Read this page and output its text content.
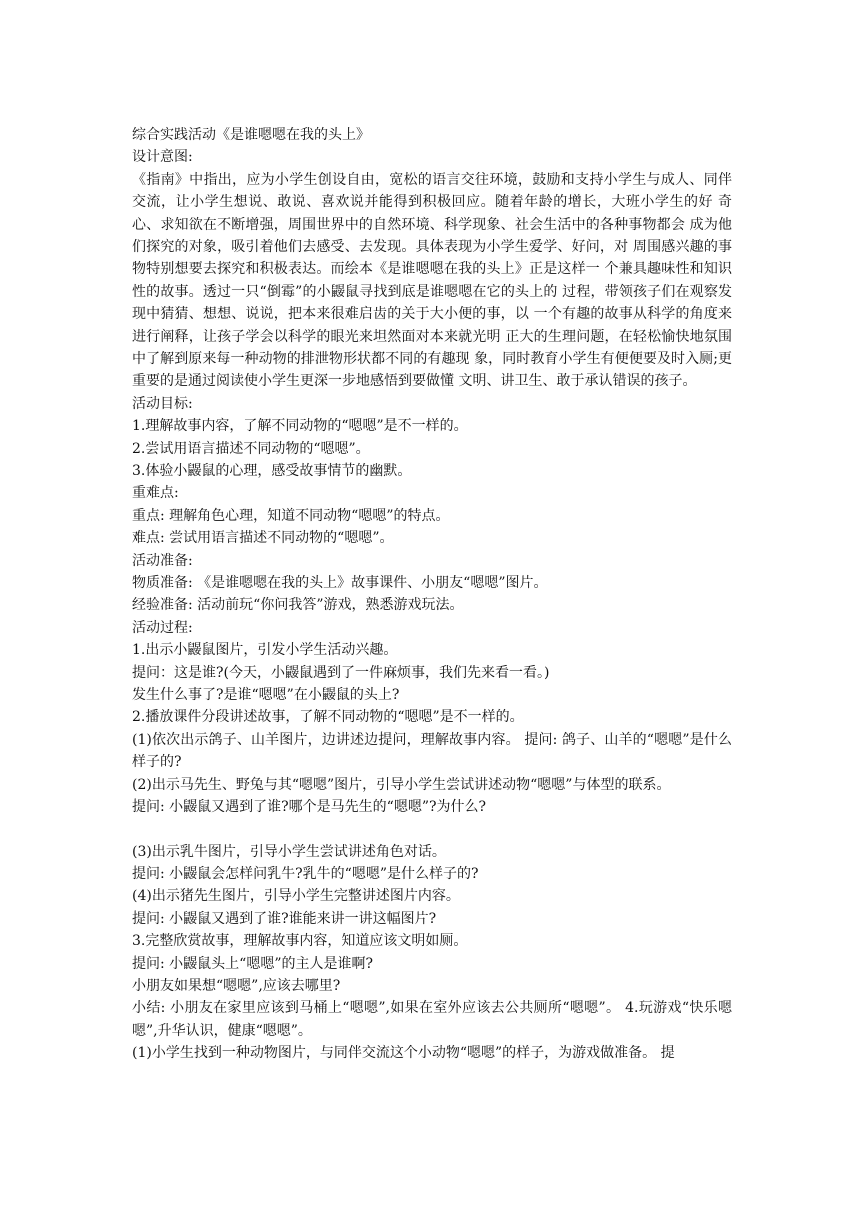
综合实践活动《是谁嗯嗯在我的头上》
设计意图:
《指南》中指出，应为小学生创设自由，宽松的语言交往环境，鼓励和支持小学生与成人、同伴交流，让小学生想说、敢说、喜欢说并能得到积极回应。随着年龄的增长，大班小学生的好 奇心、求知欲在不断增强，周围世界中的自然环境、科学现象、社会生活中的各种事物都会 成为他们探究的对象，吸引着他们去感受、去发现。具体表现为小学生爱学、好问，对 周围感兴趣的事物特别想要去探究和积极表达。而绘本《是谁嗯嗯在我的头上》正是这样一 个兼具趣味性和知识性的故事。透过一只“倒霉”的小鼹鼠寻找到底是谁嗯嗯在它的头上的 过程，带领孩子们在观察发现中猜猜、想想、说说，把本来很难启齿的关于大小便的事，以 一个有趣的故事从科学的角度来进行阐释，让孩子学会以科学的眼光来坦然面对本来就光明 正大的生理问题，在轻松愉快地氛围中了解到原来每一种动物的排泄物形状都不同的有趣现 象，同时教育小学生有便便要及时入厕;更重要的是通过阅读使小学生更深一步地感悟到要做懂 文明、讲卫生、敢于承认错误的孩子。
活动目标:
1.理解故事内容，了解不同动物的“嗯嗯”是不一样的。
2.尝试用语言描述不同动物的“嗯嗯”。
3.体验小鼹鼠的心理，感受故事情节的幽默。
重难点:
重点: 理解角色心理，知道不同动物“嗯嗯”的特点。
难点: 尝试用语言描述不同动物的“嗯嗯”。
活动准备:
物质准备: 《是谁嗯嗯在我的头上》故事课件、小朋友“嗯嗯”图片。
经验准备: 活动前玩“你问我答”游戏，熟悉游戏玩法。
活动过程:
1.出示小鼹鼠图片，引发小学生活动兴趣。
提问：这是谁?(今天，小鼹鼠遇到了一件麻烦事，我们先来看一看。)
发生什么事了?是谁“嗯嗯”在小鼹鼠的头上?
2.播放课件分段讲述故事，了解不同动物的“嗯嗯”是不一样的。
(1)依次出示鸽子、山羊图片，边讲述边提问，理解故事内容。 提问: 鸽子、山羊的“嗯嗯”是什么样子的?
(2)出示马先生、野兔与其“嗯嗯”图片，引导小学生尝试讲述动物“嗯嗯”与体型的联系。
提问: 小鼹鼠又遇到了谁?哪个是马先生的“嗯嗯”?为什么?
(3)出示乳牛图片，引导小学生尝试讲述角色对话。
提问: 小鼹鼠会怎样问乳牛?乳牛的“嗯嗯”是什么样子的?
(4)出示猪先生图片，引导小学生完整讲述图片内容。
提问: 小鼹鼠又遇到了谁?谁能来讲一讲这幅图片?
3.完整欣赏故事，理解故事内容，知道应该文明如厕。
提问: 小鼹鼠头上“嗯嗯”的主人是谁啊?
小朋友如果想“嗯嗯”,应该去哪里?
小结: 小朋友在家里应该到马桶上“嗯嗯”,如果在室外应该去公共厕所“嗯嗯”。 4.玩游戏“快乐嗯嗯”,升华认识，健康“嗯嗯”。
(1)小学生找到一种动物图片，与同伴交流这个小动物“嗯嗯”的样子，为游戏做准备。 提
